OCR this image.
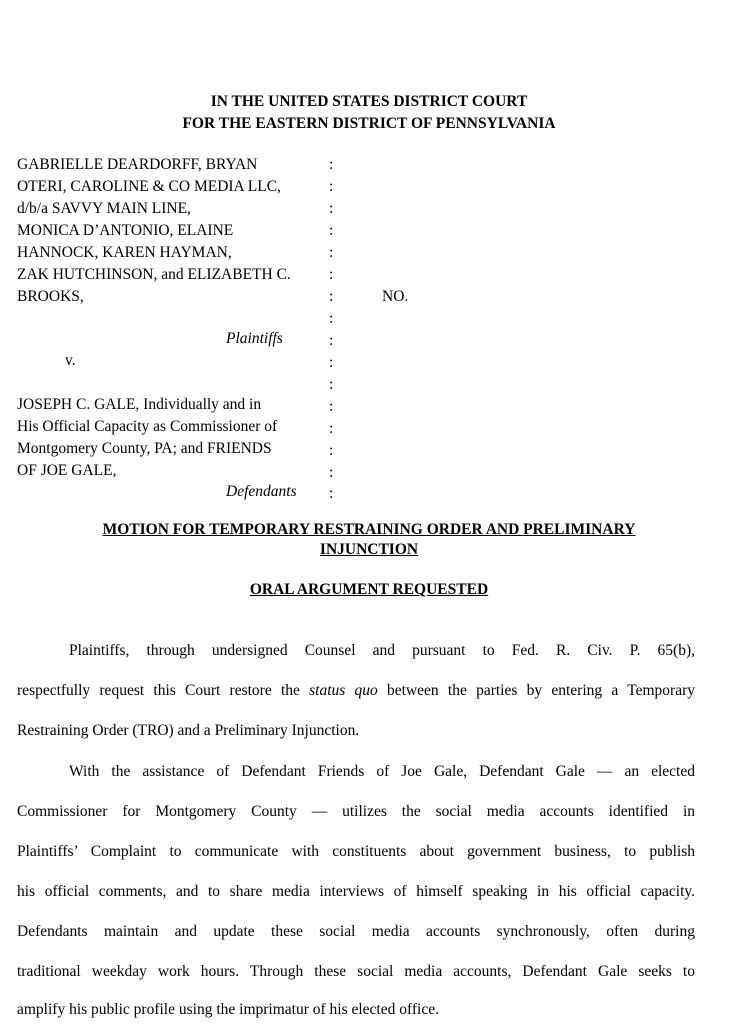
IN THE UNITED STATES DISTRICT COURT
FOR THE EASTERN DISTRICT OF PENNSYLVANIA
GABRIELLE DEARDORFF, BRYAN
OTERI, CAROLINE & CO MEDIA LLC,
d/b/a SAVVY MAIN LINE,
MONICA D’ANTONIO, ELAINE
HANNOCK, KAREN HAYMAN,
ZAK HUTCHINSON, and ELIZABETH C.
BROOKS,
Plaintiffs
v.
JOSEPH C. GALE, Individually and in
His Official Capacity as Commissioner of
Montgomery County, PA; and FRIENDS
OF JOE GALE,
Defendants
:
:
:
:
:
:
:
:
:
:
:
:
:
:
:
:
NO.
MOTION FOR TEMPORARY RESTRAINING ORDER AND PRELIMINARY
INJUNCTION
ORAL ARGUMENT REQUESTED
Plaintiffs, through undersigned Counsel and pursuant to Fed. R. Civ. P. 65(b),
respectfully request this Court restore the status quo between the parties by entering a Temporary
Restraining Order (TRO) and a Preliminary Injunction.
With the assistance of Defendant Friends of Joe Gale, Defendant Gale — an elected
Commissioner for Montgomery County — utilizes the social media accounts identified in
Plaintiffs’ Complaint to communicate with constituents about government business, to publish
his official comments, and to share media interviews of himself speaking in his official capacity.
Defendants maintain and update these social media accounts synchronously, often during
traditional weekday work hours. Through these social media accounts, Defendant Gale seeks to
amplify his public profile using the imprimatur of his elected office.
